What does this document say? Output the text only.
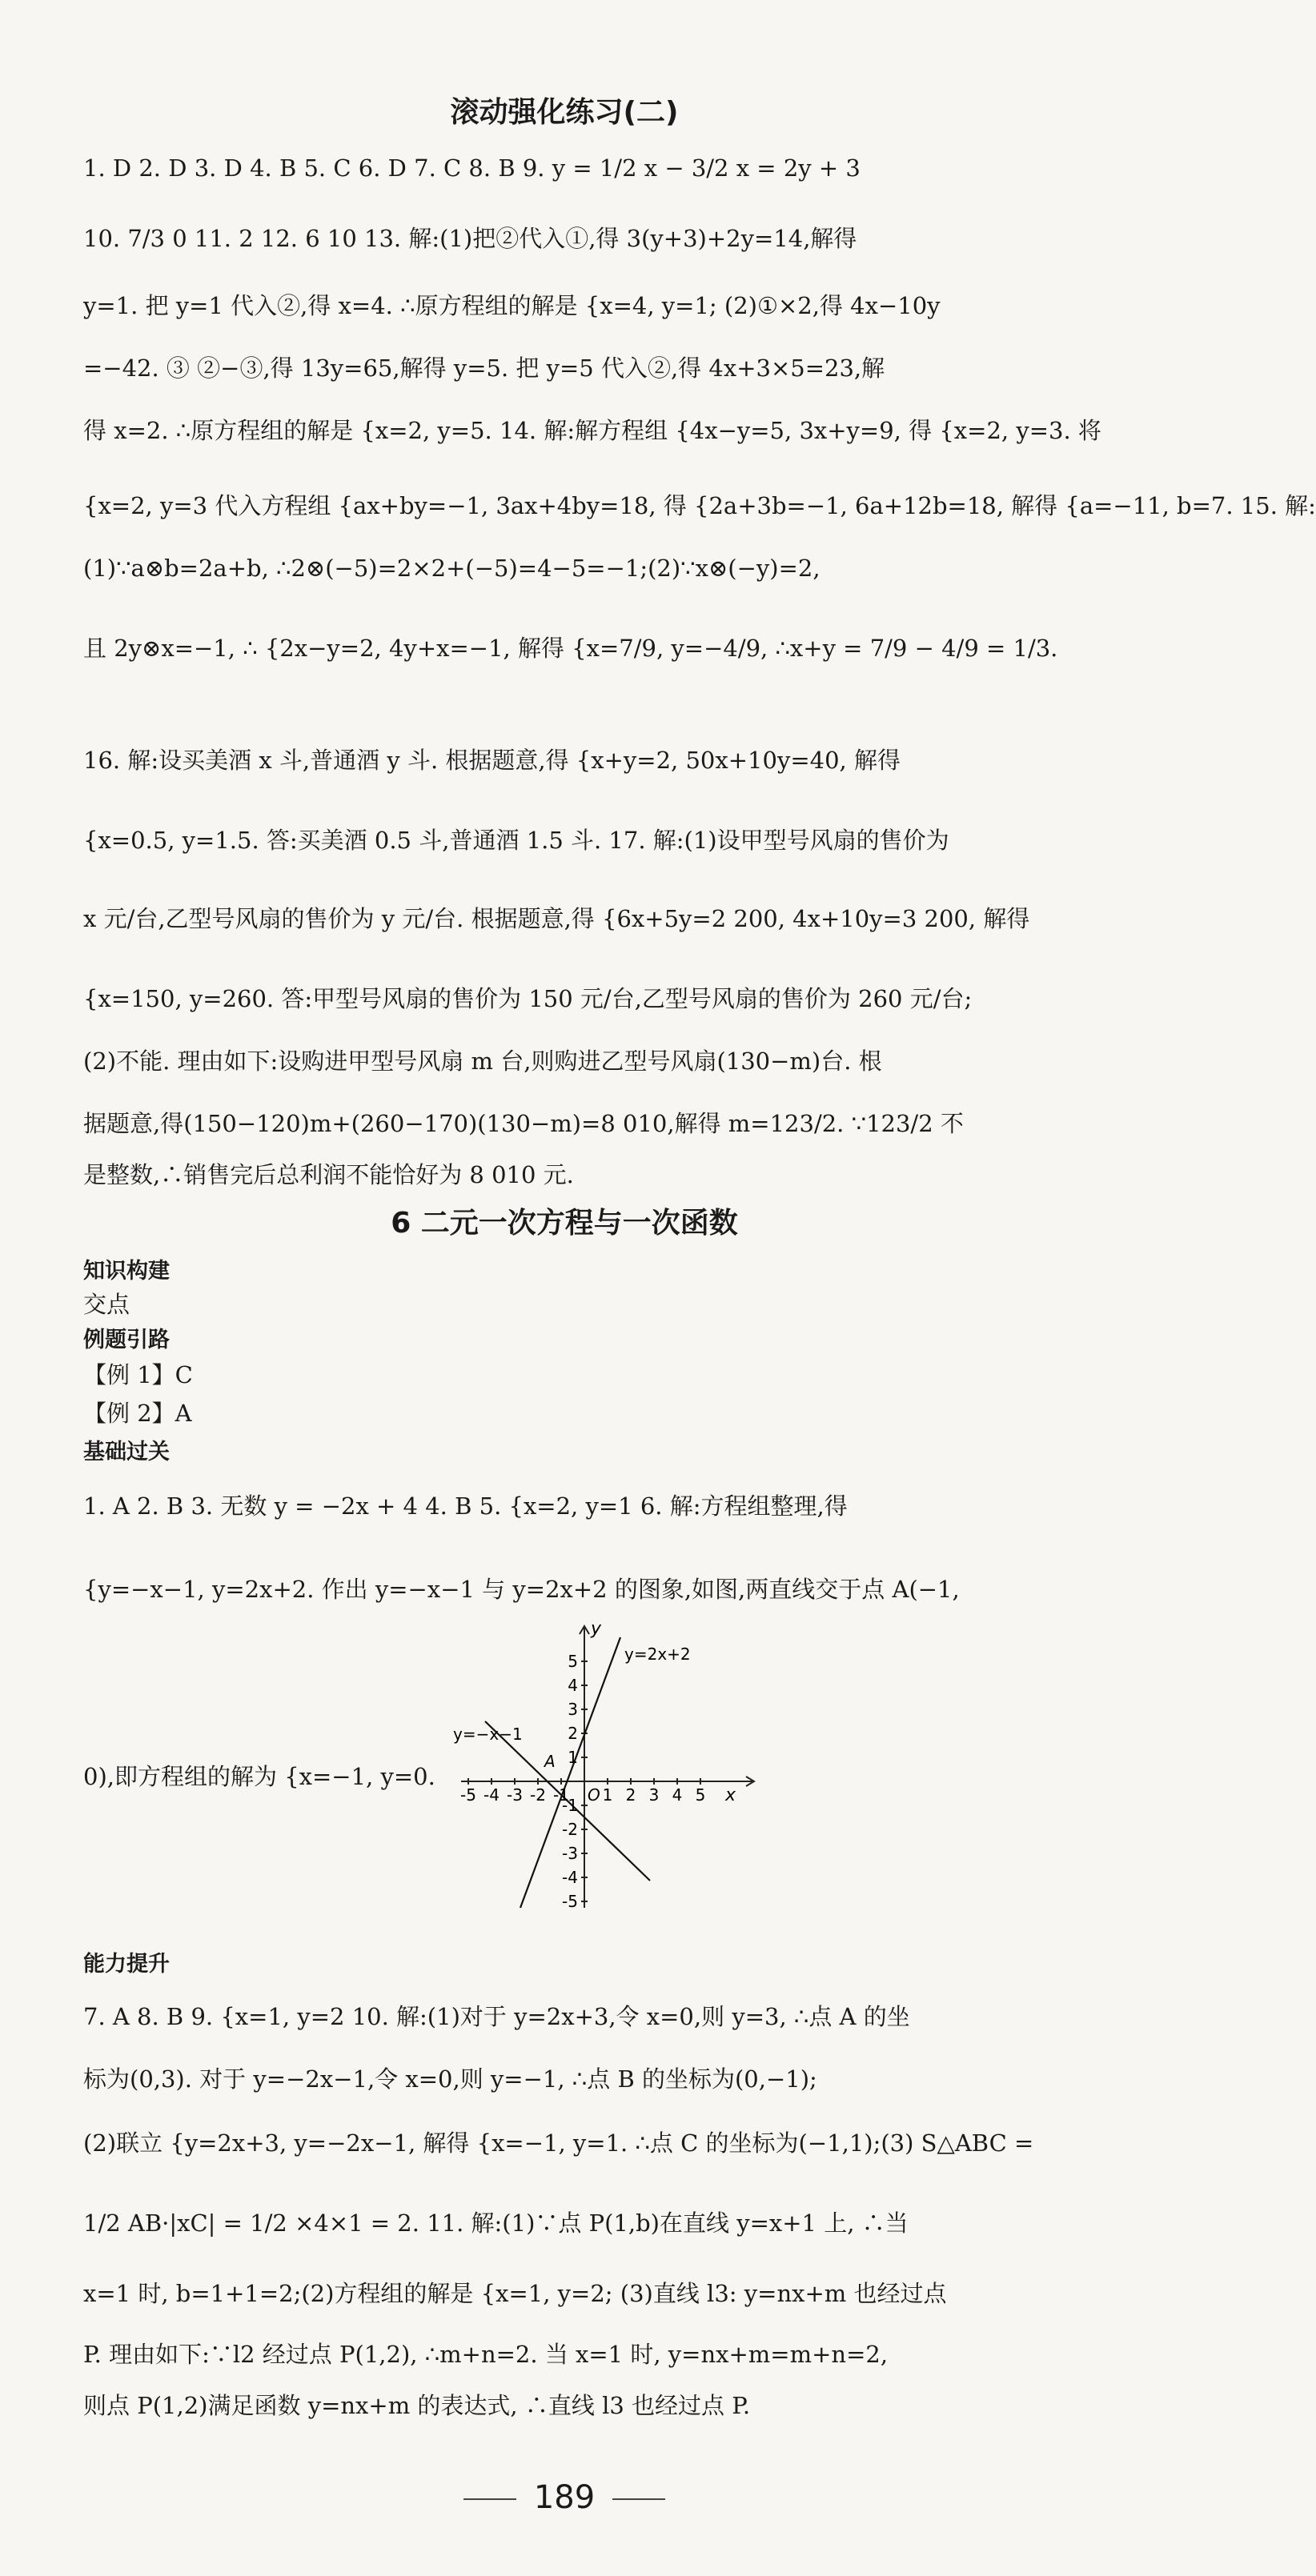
滚动强化练习(二)
1. D 2. D 3. D 4. B 5. C 6. D 7. C 8. B 9. y = 1/2 x − 3/2 x = 2y + 3
10. 7/3 0 11. 2 12. 6 10 13. 解:(1)把②代入①,得 3(y+3)+2y=14,解得
y=1. 把 y=1 代入②,得 x=4. ∴原方程组的解是 {x=4, y=1; (2)①×2,得 4x−10y
=−42. ③ ②−③,得 13y=65,解得 y=5. 把 y=5 代入②,得 4x+3×5=23,解
得 x=2. ∴原方程组的解是 {x=2, y=5. 14. 解:解方程组 {4x−y=5, 3x+y=9, 得 {x=2, y=3. 将
{x=2, y=3 代入方程组 {ax+by=−1, 3ax+4by=18, 得 {2a+3b=−1, 6a+12b=18, 解得 {a=−11, b=7. 15. 解:
(1)∵a⊗b=2a+b, ∴2⊗(−5)=2×2+(−5)=4−5=−1;(2)∵x⊗(−y)=2,
且 2y⊗x=−1, ∴ {2x−y=2, 4y+x=−1, 解得 {x=7/9, y=−4/9, ∴x+y = 7/9 − 4/9 = 1/3.
16. 解:设买美酒 x 斗,普通酒 y 斗. 根据题意,得 {x+y=2, 50x+10y=40, 解得
{x=0.5, y=1.5. 答:买美酒 0.5 斗,普通酒 1.5 斗. 17. 解:(1)设甲型号风扇的售价为
x 元/台,乙型号风扇的售价为 y 元/台. 根据题意,得 {6x+5y=2 200, 4x+10y=3 200, 解得
{x=150, y=260. 答:甲型号风扇的售价为 150 元/台,乙型号风扇的售价为 260 元/台;
(2)不能. 理由如下:设购进甲型号风扇 m 台,则购进乙型号风扇(130−m)台. 根
据题意,得(150−120)m+(260−170)(130−m)=8 010,解得 m=123/2. ∵123/2 不
是整数,∴销售完后总利润不能恰好为 8 010 元.
6 二元一次方程与一次函数
知识构建
交点
例题引路
【例 1】C
【例 2】A
基础过关
1. A 2. B 3. 无数 y = −2x + 4 4. B 5. {x=2, y=1 6. 解:方程组整理,得
{y=−x−1, y=2x+2. 作出 y=−x−1 与 y=2x+2 的图象,如图,两直线交于点 A(−1,
0),即方程组的解为 {x=−1, y=0.
y=2x+2
y=−x−1
A
O	x
y
-5 -4 -3 -2 -1 1 2 3 4 5
5
4
3
2
1
-1
-2
-3
-4
-5
能力提升
7. A 8. B 9. {x=1, y=2 10. 解:(1)对于 y=2x+3,令 x=0,则 y=3, ∴点 A 的坐
标为(0,3). 对于 y=−2x−1,令 x=0,则 y=−1, ∴点 B 的坐标为(0,−1);
(2)联立 {y=2x+3, y=−2x−1, 解得 {x=−1, y=1. ∴点 C 的坐标为(−1,1);(3) S△ABC =
1/2 AB·|xC| = 1/2 ×4×1 = 2. 11. 解:(1)∵点 P(1,b)在直线 y=x+1 上, ∴当
x=1 时, b=1+1=2;(2)方程组的解是 {x=1, y=2; (3)直线 l3: y=nx+m 也经过点
P. 理由如下:∵l2 经过点 P(1,2), ∴m+n=2. 当 x=1 时, y=nx+m=m+n=2,
则点 P(1,2)满足函数 y=nx+m 的表达式, ∴直线 l3 也经过点 P.
189
